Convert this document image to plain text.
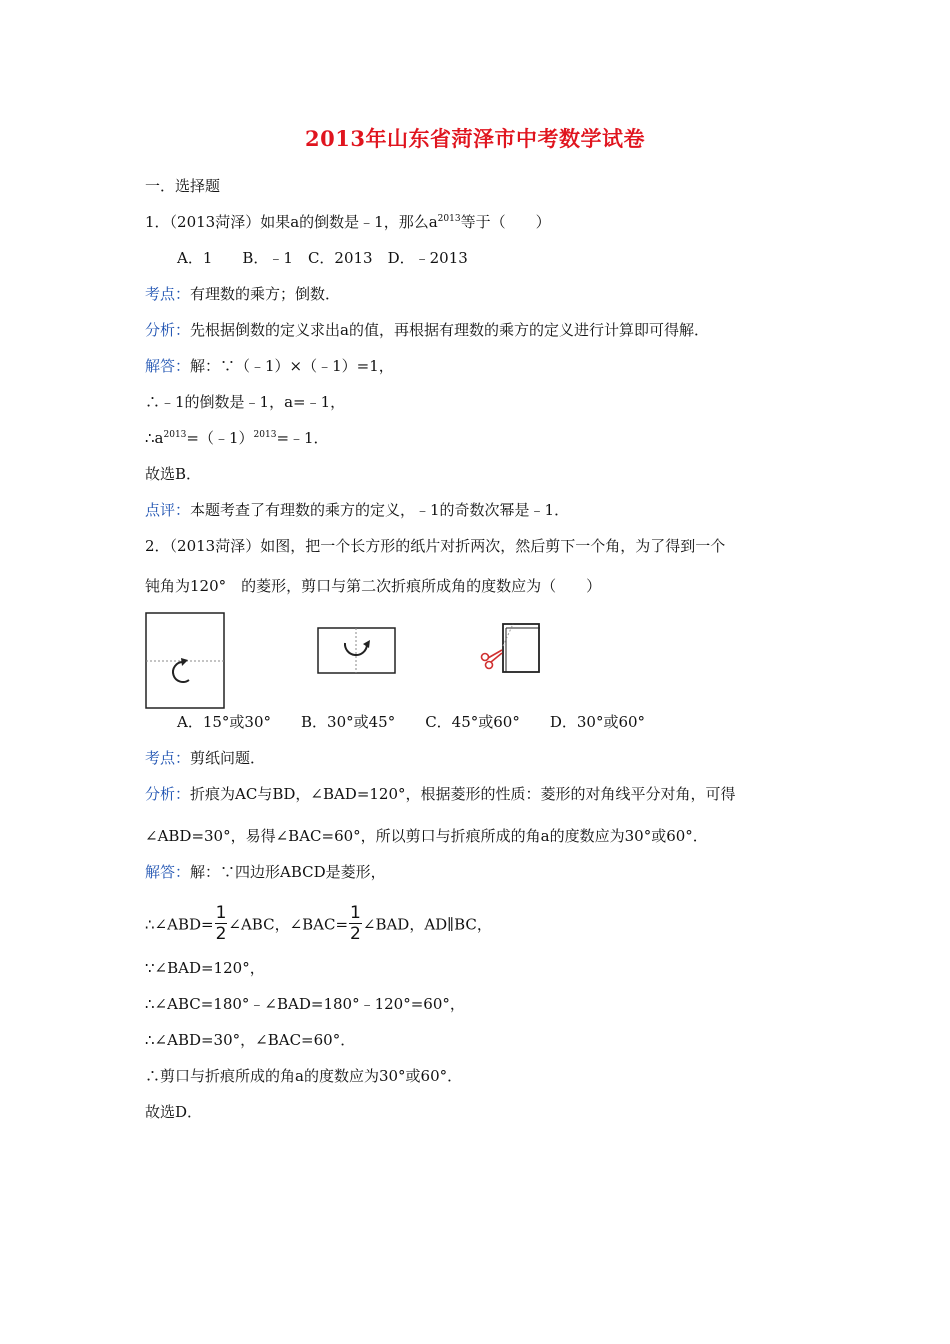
2013年山东省菏泽市中考数学试卷
一．选择题
1．（2013菏泽）如果a的倒数是﹣1，那么$a^{2013}$等于（　　）
A．1　　B．﹣1　C．2013　D．﹣2013
考点：有理数的乘方；倒数．
分析：先根据倒数的定义求出a的值，再根据有理数的乘方的定义进行计算即可得解．
解答：解：∵（﹣1）×（﹣1）=1，
∴﹣1的倒数是﹣1，a=﹣1，
$\therefore a^{2013}=(﹣1)^{2013}=﹣1$．
故选B．
点评：本题考查了有理数的乘方的定义，﹣1的奇数次幂是﹣1．
2．（2013菏泽）如图，把一个长方形的纸片对折两次，然后剪下一个角，为了得到一个
钝角为120°　的菱形，剪口与第二次折痕所成角的度数应为（　　）
A．15°或30°　　B．30°或45°　　C．45°或60°　　D．30°或60°
考点：剪纸问题．
分析：折痕为AC与BD，∠BAD=120°，根据菱形的性质：菱形的对角线平分对角，可得
∠ABD=30°，易得∠BAC=60°，所以剪口与折痕所成的角a的度数应为30°或60°．
解答：解：∵四边形ABCD是菱形，
∴∠ABD= $\frac{1}{2}$ ∠ABC，∠BAC= $\frac{1}{2}$ ∠BAD，AD∥BC，
∵∠BAD=120°，
∴∠ABC=180°﹣∠BAD=180°﹣120°=60°，
∴∠ABD=30°，∠BAC=60°．
∴剪口与折痕所成的角a的度数应为30°或60°．
故选D．
